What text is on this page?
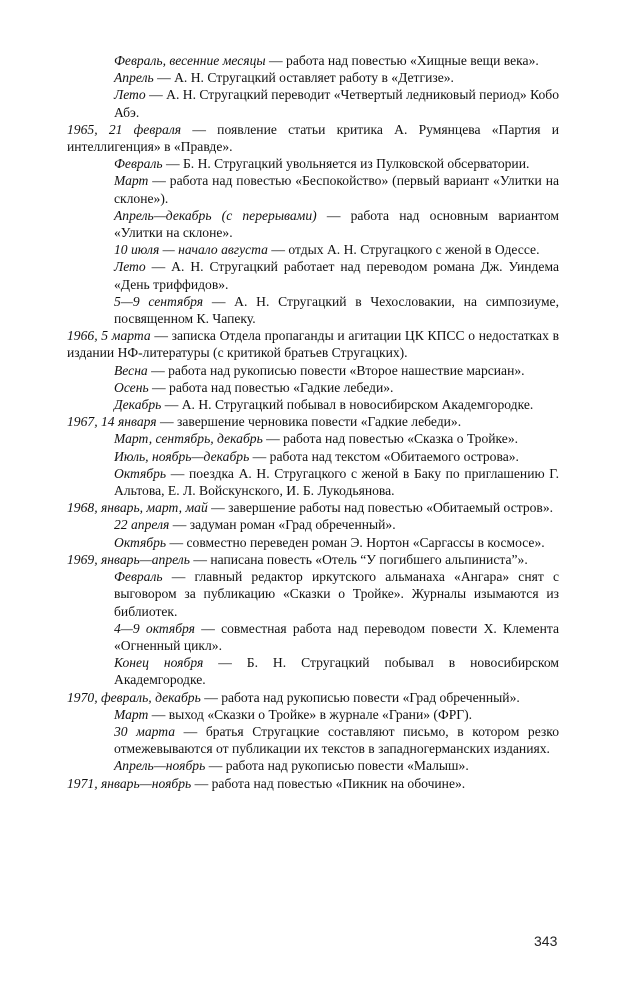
Февраль, весенние месяцы — работа над повестью «Хищные вещи века».
Апрель — А. Н. Стругацкий оставляет работу в «Детгизе».
Лето — А. Н. Стругацкий переводит «Четвертый ледниковый период» Кобо Абэ.
1965, 21 февраля — появление статьи критика А. Румянцева «Партия и интеллигенция» в «Правде».
Февраль — Б. Н. Стругацкий увольняется из Пулковской обсерватории.
Март — работа над повестью «Беспокойство» (первый вариант «Улитки на склоне»).
Апрель—декабрь (с перерывами) — работа над основным вариантом «Улитки на склоне».
10 июля — начало августа — отдых А. Н. Стругацкого с женой в Одессе.
Лето — А. Н. Стругацкий работает над переводом романа Дж. Уиндема «День триффидов».
5—9 сентября — А. Н. Стругацкий в Чехословакии, на симпозиуме, посвященном К. Чапеку.
1966, 5 марта — записка Отдела пропаганды и агитации ЦК КПСС о недостатках в издании НФ-литературы (с критикой братьев Стругацких).
Весна — работа над рукописью повести «Второе нашествие марсиан».
Осень — работа над повестью «Гадкие лебеди».
Декабрь — А. Н. Стругацкий побывал в новосибирском Академгородке.
1967, 14 января — завершение черновика повести «Гадкие лебеди».
Март, сентябрь, декабрь — работа над повестью «Сказка о Тройке».
Июль, ноябрь—декабрь — работа над текстом «Обитаемого острова».
Октябрь — поездка А. Н. Стругацкого с женой в Баку по приглашению Г. Альтова, Е. Л. Войскунского, И. Б. Лукодьянова.
1968, январь, март, май — завершение работы над повестью «Обитаемый остров».
22 апреля — задуман роман «Град обреченный».
Октябрь — совместно переведен роман Э. Нортон «Саргассы в космосе».
1969, январь—апрель — написана повесть «Отель “У погибшего альпиниста”».
Февраль — главный редактор иркутского альманаха «Ангара» снят с выговором за публикацию «Сказки о Тройке». Журналы изымаются из библиотек.
4—9 октября — совместная работа над переводом повести Х. Клемента «Огненный цикл».
Конец ноября — Б. Н. Стругацкий побывал в новосибирском Академгородке.
1970, февраль, декабрь — работа над рукописью повести «Град обреченный».
Март — выход «Сказки о Тройке» в журнале «Грани» (ФРГ).
30 марта — братья Стругацкие составляют письмо, в котором резко отмежевываются от публикации их текстов в западногерманских изданиях.
Апрель—ноябрь — работа над рукописью повести «Малыш».
1971, январь—ноябрь — работа над повестью «Пикник на обочине».
343
